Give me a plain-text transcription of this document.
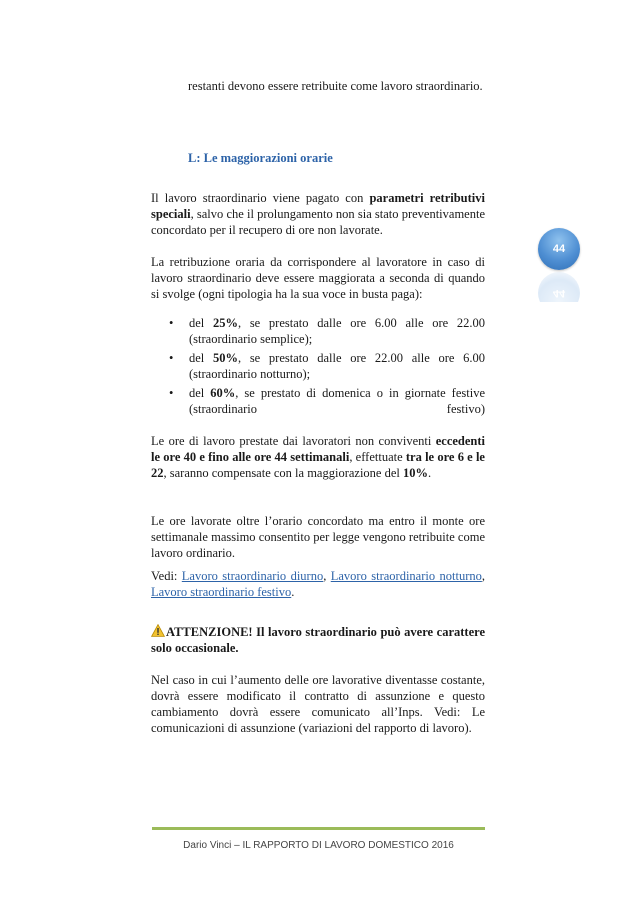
restanti devono essere retribuite come lavoro straordinario.

L: Le maggiorazioni orarie

Il lavoro straordinario viene pagato con parametri retributivi speciali, salvo che il prolungamento non sia stato preventivamente concordato per il recupero di ore non lavorate.

La retribuzione oraria da corrispondere al lavoratore in caso di lavoro straordinario deve essere maggiorata a seconda di quando si svolge (ogni tipologia ha la sua voce in busta paga):

• del 25%, se prestato dalle ore 6.00 alle ore 22.00 (straordinario semplice);
• del 50%, se prestato dalle ore 22.00 alle ore 6.00 (straordinario notturno);
• del 60%, se prestato di domenica o in giornate festive (straordinario festivo)

Le ore di lavoro prestate dai lavoratori non conviventi eccedenti le ore 40 e fino alle ore 44 settimanali, effettuate tra le ore 6 e le 22, saranno compensate con la maggiorazione del 10%.

Le ore lavorate oltre l’orario concordato ma entro il monte ore settimanale massimo consentito per legge vengono retribuite come lavoro ordinario.

Vedi: Lavoro straordinario diurno, Lavoro straordinario notturno, Lavoro straordinario festivo.

ATTENZIONE! Il lavoro straordinario può avere carattere solo occasionale.

Nel caso in cui l’aumento delle ore lavorative diventasse costante, dovrà essere modificato il contratto di assunzione e questo cambiamento dovrà essere comunicato all’Inps. Vedi: Le comunicazioni di assunzione (variazioni del rapporto di lavoro).

Dario Vinci – IL RAPPORTO DI LAVORO DOMESTICO 2016
44
44
